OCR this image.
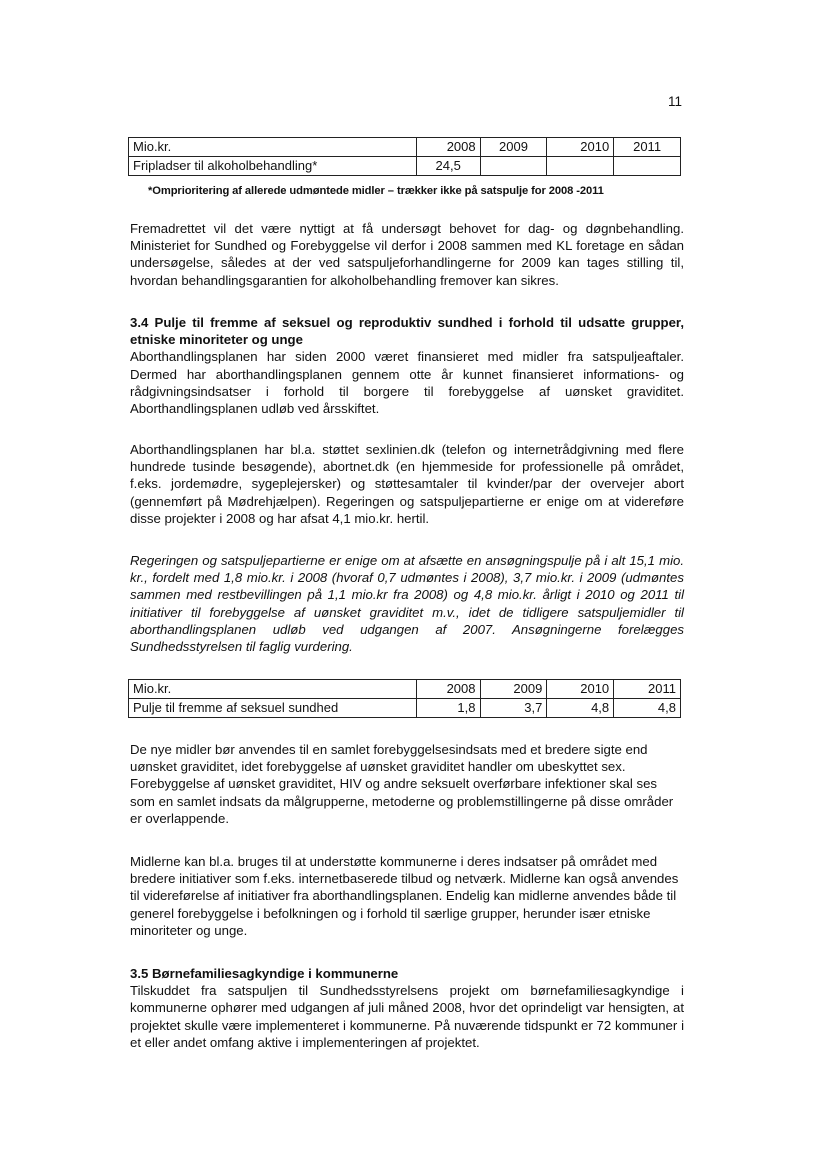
11
Mio.kr.	2008	2009	2010	2011
Fripladser til alkoholbehandling*	24,5			
*Omprioritering af allerede udmøntede midler – trækker ikke på satspulje for 2008 -2011
Fremadrettet vil det være nyttigt at få undersøgt behovet for dag- og døgnbehandling. Ministeriet for Sundhed og Forebyggelse vil derfor i 2008 sammen med KL foretage en sådan undersøgelse, således at der ved satspuljeforhandlingerne for 2009 kan tages stilling til, hvordan behandlingsgarantien for alkoholbehandling fremover kan sikres.
3.4 Pulje til fremme af seksuel og reproduktiv sundhed i forhold til udsatte grupper, etniske minoriteter og unge
Aborthandlingsplanen har siden 2000 været finansieret med midler fra satspuljeaftaler. Dermed har aborthandlingsplanen gennem otte år kunnet finansieret informations- og rådgivningsindsatser i forhold til borgere til forebyggelse af uønsket graviditet. Aborthandlingsplanen udløb ved årsskiftet.
Aborthandlingsplanen har bl.a. støttet sexlinien.dk (telefon og internetrådgivning med flere hundrede tusinde besøgende), abortnet.dk (en hjemmeside for professionelle på området, f.eks. jordemødre, sygeplejersker) og støttesamtaler til kvinder/par der overvejer abort (gennemført på Mødrehjælpen). Regeringen og satspuljepartierne er enige om at videreføre disse projekter i 2008 og har afsat 4,1 mio.kr. hertil.
Regeringen og satspuljepartierne er enige om at afsætte en ansøgningspulje på i alt 15,1 mio. kr., fordelt med 1,8 mio.kr. i 2008 (hvoraf 0,7 udmøntes i 2008), 3,7 mio.kr. i 2009 (udmøntes sammen med restbevillingen på 1,1 mio.kr fra 2008) og 4,8 mio.kr. årligt i 2010 og 2011 til initiativer til forebyggelse af uønsket graviditet m.v., idet de tidligere satspuljemidler til aborthandlingsplanen udløb ved udgangen af 2007. Ansøgningerne forelægges Sundhedsstyrelsen til faglig vurdering.
Mio.kr.	2008	2009	2010	2011
Pulje til fremme af seksuel sundhed	1,8	3,7	4,8	4,8
De nye midler bør anvendes til en samlet forebyggelsesindsats med et bredere sigte end uønsket graviditet, idet forebyggelse af uønsket graviditet handler om ubeskyttet sex. Forebyggelse af uønsket graviditet, HIV og andre seksuelt overførbare infektioner skal ses som en samlet indsats da målgrupperne, metoderne og problemstillingerne på disse områder er overlappende.
Midlerne kan bl.a. bruges til at understøtte kommunerne i deres indsatser på området med bredere initiativer som f.eks. internetbaserede tilbud og netværk. Midlerne kan også anvendes til videreførelse af initiativer fra aborthandlingsplanen. Endelig kan midlerne anvendes både til generel forebyggelse i befolkningen og i forhold til særlige grupper, herunder især etniske minoriteter og unge.
3.5 Børnefamiliesagkyndige i kommunerne
Tilskuddet fra satspuljen til Sundhedsstyrelsens projekt om børnefamiliesagkyndige i kommunerne ophører med udgangen af juli måned 2008, hvor det oprindeligt var hensigten, at projektet skulle være implementeret i kommunerne. På nuværende tidspunkt er 72 kommuner i et eller andet omfang aktive i implementeringen af projektet.
